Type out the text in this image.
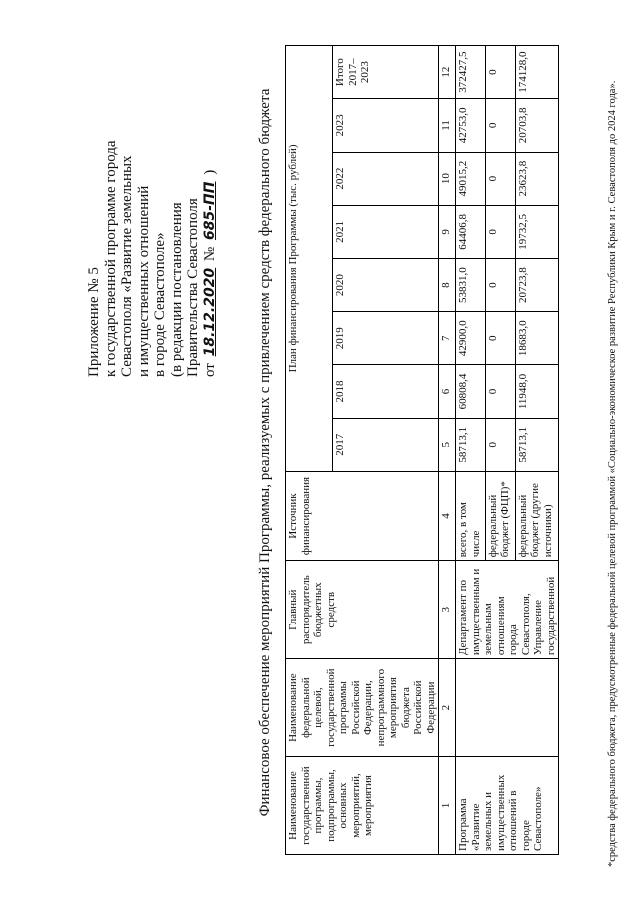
Приложение № 5 к государственной программе города Севастополя «Развитие земельных и имущественных отношений в городе Севастополе» (в редакции постановления Правительства Севастополя от 18.12.2020 № 685-ПП )	Финансовое обеспечение мероприятий Программы, реализуемых с привлечением средств федерального бюджета Наименование государственной программы, подпрограммы, основных мероприятий, мероприятия	Наименование федеральной целевой, государственной программы Российской Федерации, непрограммного мероприятия бюджета Российской Федерации	Главный распорядитель бюджетных средств	Источник финансирования	План финансирования Программы (тыс. рублей)							
				2017	2018	2019	2020	2021	2022	2023	Итого 2017–2023
1	2	3	4	5	6	7	8	9	10	11	12
Программа «Развитие земельных и имущественных отношений в городе Севастополе»		Департамент по имущественным и земельным отношениям города Севастополя, Управление государственной	всего, в том числе	58713,1	60808,4	42900,0	53831,0	64406,8	49015,2	42753,0	372427,5
			федеральный бюджет (ФЦП)*	0	0	0	0	0	0	0	0
			федеральный бюджет (другие источники)	58713,1	11948,0	18683,0	20723,8	19732,5	23623,8	20703,8	174128,0
*средства федерального бюджета, предусмотренные федеральной целевой программой «Социально-экономическое развитие Республики Крым и г. Севастополя до 2024 года».
